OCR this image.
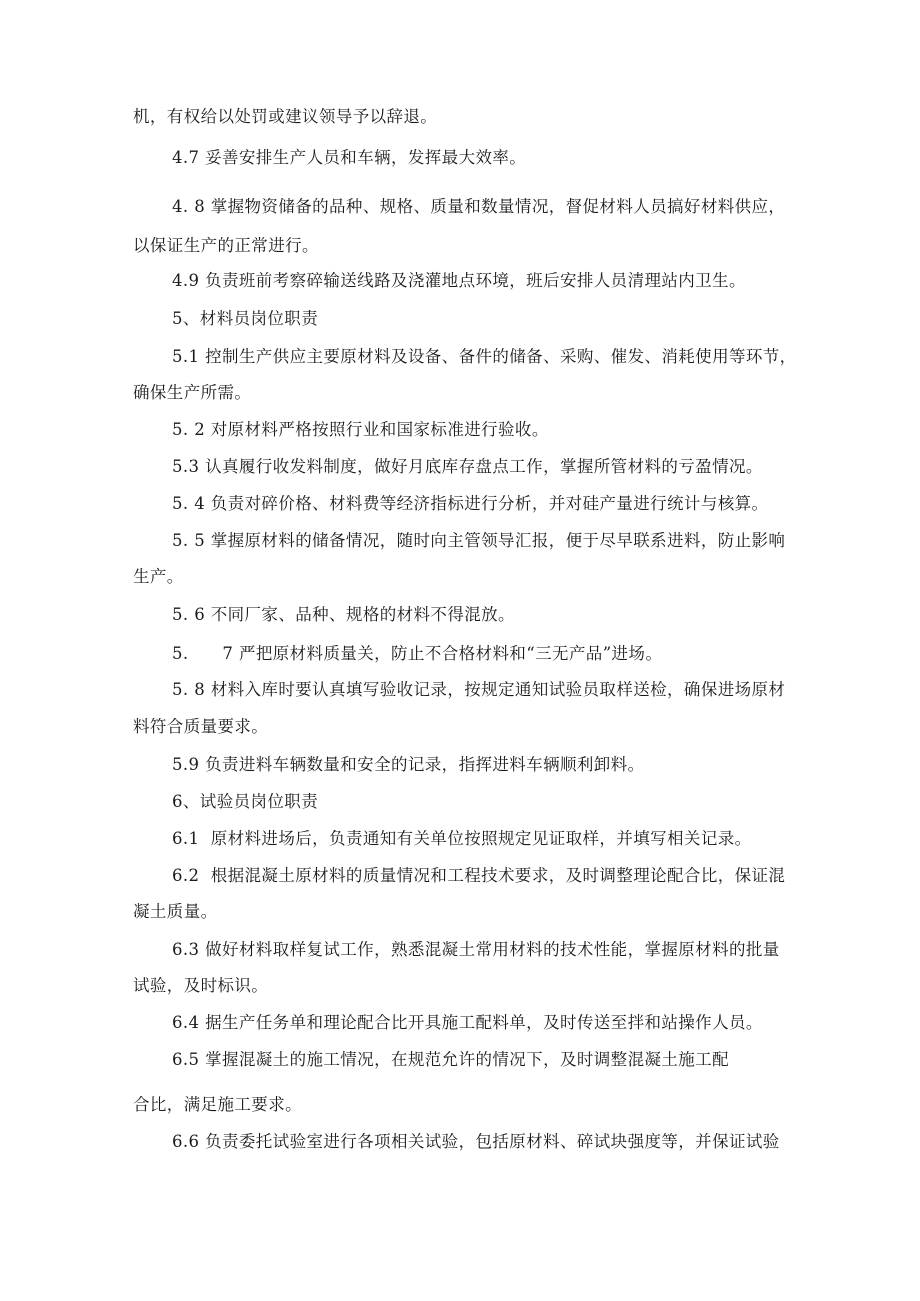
机，有权给以处罚或建议领导予以辞退。
4.7 妥善安排生产人员和车辆，发挥最大效率。
4. 8 掌握物资储备的品种、规格、质量和数量情况，督促材料人员搞好材料供应，
以保证生产的正常进行。
4.9 负责班前考察碎输送线路及浇灌地点环境，班后安排人员清理站内卫生。
5、材料员岗位职责
5.1 控制生产供应主要原材料及设备、备件的储备、采购、催发、消耗使用等环节，
确保生产所需。
5. 2 对原材料严格按照行业和国家标准进行验收。
5.3 认真履行收发料制度，做好月底库存盘点工作，掌握所管材料的亏盈情况。
5. 4 负责对碎价格、材料费等经济指标进行分析，并对硅产量进行统计与核算。
5. 5 掌握原材料的储备情况，随时向主管领导汇报，便于尽早联系进料，防止影响
生产。
5. 6 不同厂家、品种、规格的材料不得混放。
5.      7 严把原材料质量关，防止不合格材料和“三无产品”进场。
5. 8 材料入库时要认真填写验收记录，按规定通知试验员取样送检，确保进场原材
料符合质量要求。
5.9 负责进料车辆数量和安全的记录，指挥进料车辆顺利卸料。
6、试验员岗位职责
6.1  原材料进场后，负责通知有关单位按照规定见证取样，并填写相关记录。
6.2  根据混凝土原材料的质量情况和工程技术要求，及时调整理论配合比，保证混
凝土质量。
6.3 做好材料取样复试工作，熟悉混凝土常用材料的技术性能，掌握原材料的批量
试验，及时标识。
6.4 据生产任务单和理论配合比开具施工配料单，及时传送至拌和站操作人员。
6.5 掌握混凝土的施工情况，在规范允许的情况下，及时调整混凝土施工配
合比，满足施工要求。
6.6 负责委托试验室进行各项相关试验，包括原材料、碎试块强度等，并保证试验
